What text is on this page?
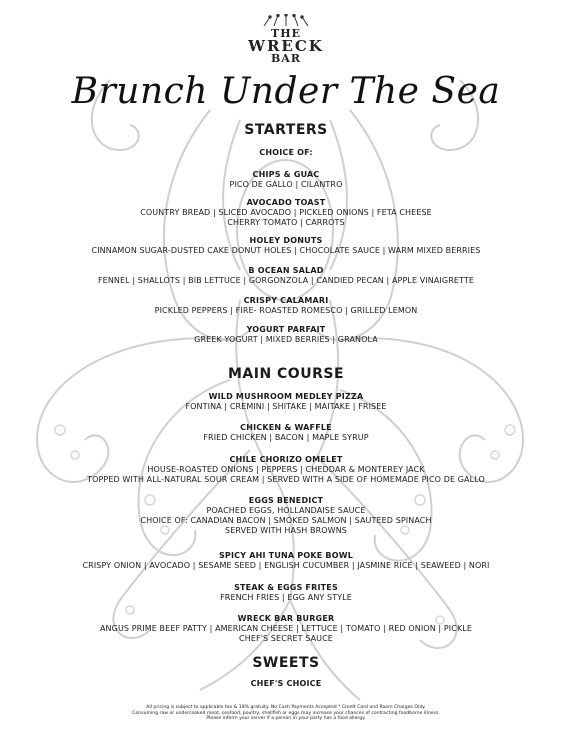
THE
WRECK
BAR
Brunch Under The Sea
STARTERS
CHOICE OF:
CHIPS & GUAC
PICO DE GALLO | CILANTRO
AVOCADO TOAST
COUNTRY BREAD | SLICED AVOCADO | PICKLED ONIONS | FETA CHEESE
CHERRY TOMATO | CARROTS
HOLEY DONUTS
CINNAMON SUGAR-DUSTED CAKE DONUT HOLES | CHOCOLATE SAUCE | WARM MIXED BERRIES
B OCEAN SALAD
FENNEL | SHALLOTS | BIB LETTUCE | GORGONZOLA | CANDIED PECAN | APPLE VINAIGRETTE
CRISPY CALAMARI
PICKLED PEPPERS | FIRE- ROASTED ROMESCO | GRILLED LEMON
YOGURT PARFAIT
GREEK YOGURT | MIXED BERRIES | GRANOLA
MAIN COURSE
WILD MUSHROOM MEDLEY PIZZA
FONTINA | CREMINI | SHITAKE | MAITAKE | FRISEE
CHICKEN & WAFFLE
FRIED CHICKEN | BACON | MAPLE SYRUP
CHILE CHORIZO OMELET
HOUSE-ROASTED ONIONS | PEPPERS | CHEDDAR & MONTEREY JACK
TOPPED WITH ALL-NATURAL SOUR CREAM | SERVED WITH A SIDE OF HOMEMADE PICO DE GALLO
EGGS BENEDICT
POACHED EGGS, HOLLANDAISE SAUCE
CHOICE OF: CANADIAN BACON | SMOKED SALMON | SAUTEED SPINACH
SERVED WITH HASH BROWNS
SPICY AHI TUNA POKE BOWL
CRISPY ONION | AVOCADO | SESAME SEED | ENGLISH CUCUMBER | JASMINE RICE | SEAWEED | NORI
STEAK & EGGS FRITES
FRENCH FRIES | EGG ANY STYLE
WRECK BAR BURGER
ANGUS PRIME BEEF PATTY | AMERICAN CHEESE | LETTUCE | TOMATO | RED ONION | PICKLE
CHEF'S SECRET SAUCE
SWEETS
CHEF'S CHOICE
All pricing is subject to applicable tax & 18% gratuity. No Cash Payments Accepted * Credit Card and Room Charges Only.
Consuming raw or undercooked meat, seafood, poultry, shellfish or eggs may increase your chances of contracting foodborne illness.
Please inform your server if a person in your party has a food allergy.
